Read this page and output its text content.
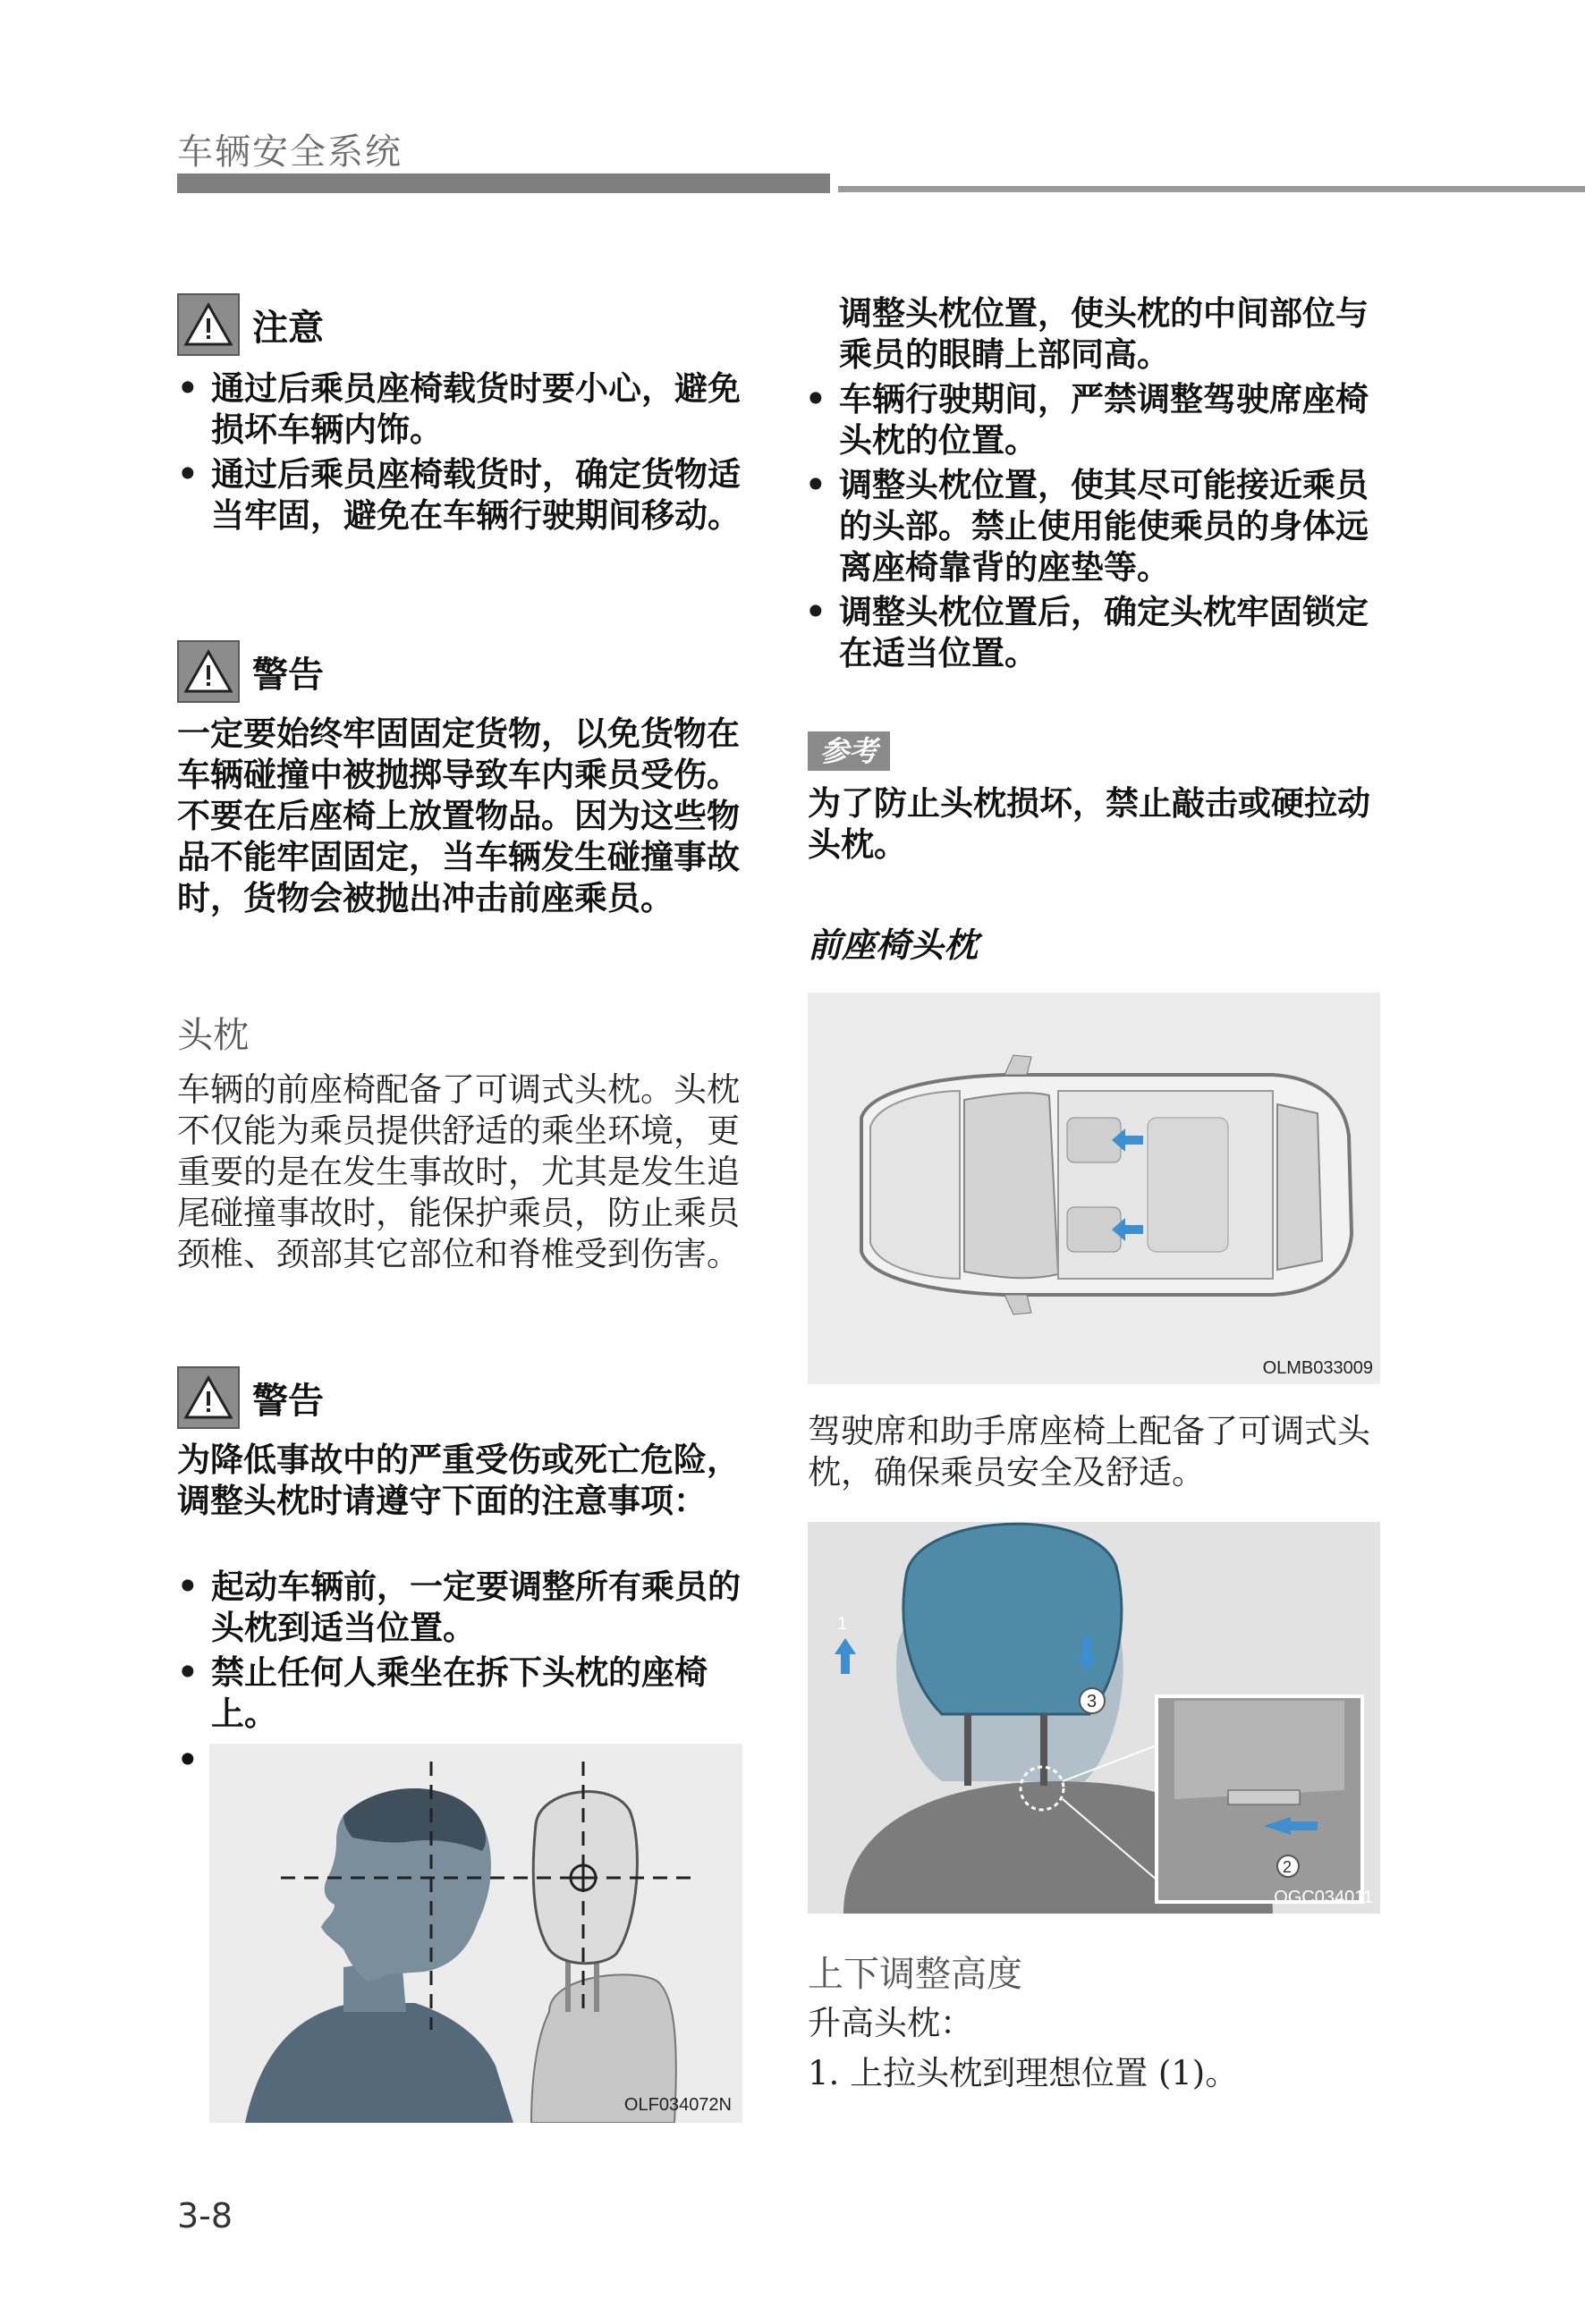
车辆安全系统
注意
• 通过后乘员座椅载货时要小心，避免损坏车辆内饰。
• 通过后乘员座椅载货时，确定货物适当牢固，避免在车辆行驶期间移动。
警告
一定要始终牢固固定货物，以免货物在车辆碰撞中被抛掷导致车内乘员受伤。不要在后座椅上放置物品。因为这些物品不能牢固固定，当车辆发生碰撞事故时，货物会被抛出冲击前座乘员。
头枕
车辆的前座椅配备了可调式头枕。头枕不仅能为乘员提供舒适的乘坐环境，更重要的是在发生事故时，尤其是发生追尾碰撞事故时，能保护乘员，防止乘员颈椎、颈部其它部位和脊椎受到伤害。
警告
为降低事故中的严重受伤或死亡危险，调整头枕时请遵守下面的注意事项：
• 起动车辆前，一定要调整所有乘员的头枕到适当位置。
• 禁止任何人乘坐在拆下头枕的座椅上。
•
OLF034072N
3-8
调整头枕位置，使头枕的中间部位与乘员的眼睛上部同高。
• 车辆行驶期间，严禁调整驾驶席座椅头枕的位置。
• 调整头枕位置，使其尽可能接近乘员的头部。禁止使用能使乘员的身体远离座椅靠背的座垫等。
• 调整头枕位置后，确定头枕牢固锁定在适当位置。
参考
为了防止头枕损坏，禁止敲击或硬拉动头枕。
前座椅头枕
OLMB033009
驾驶席和助手席座椅上配备了可调式头枕，确保乘员安全及舒适。
1
3
2
OGC034011
上下调整高度
升高头枕：
1. 上拉头枕到理想位置 (1)。
